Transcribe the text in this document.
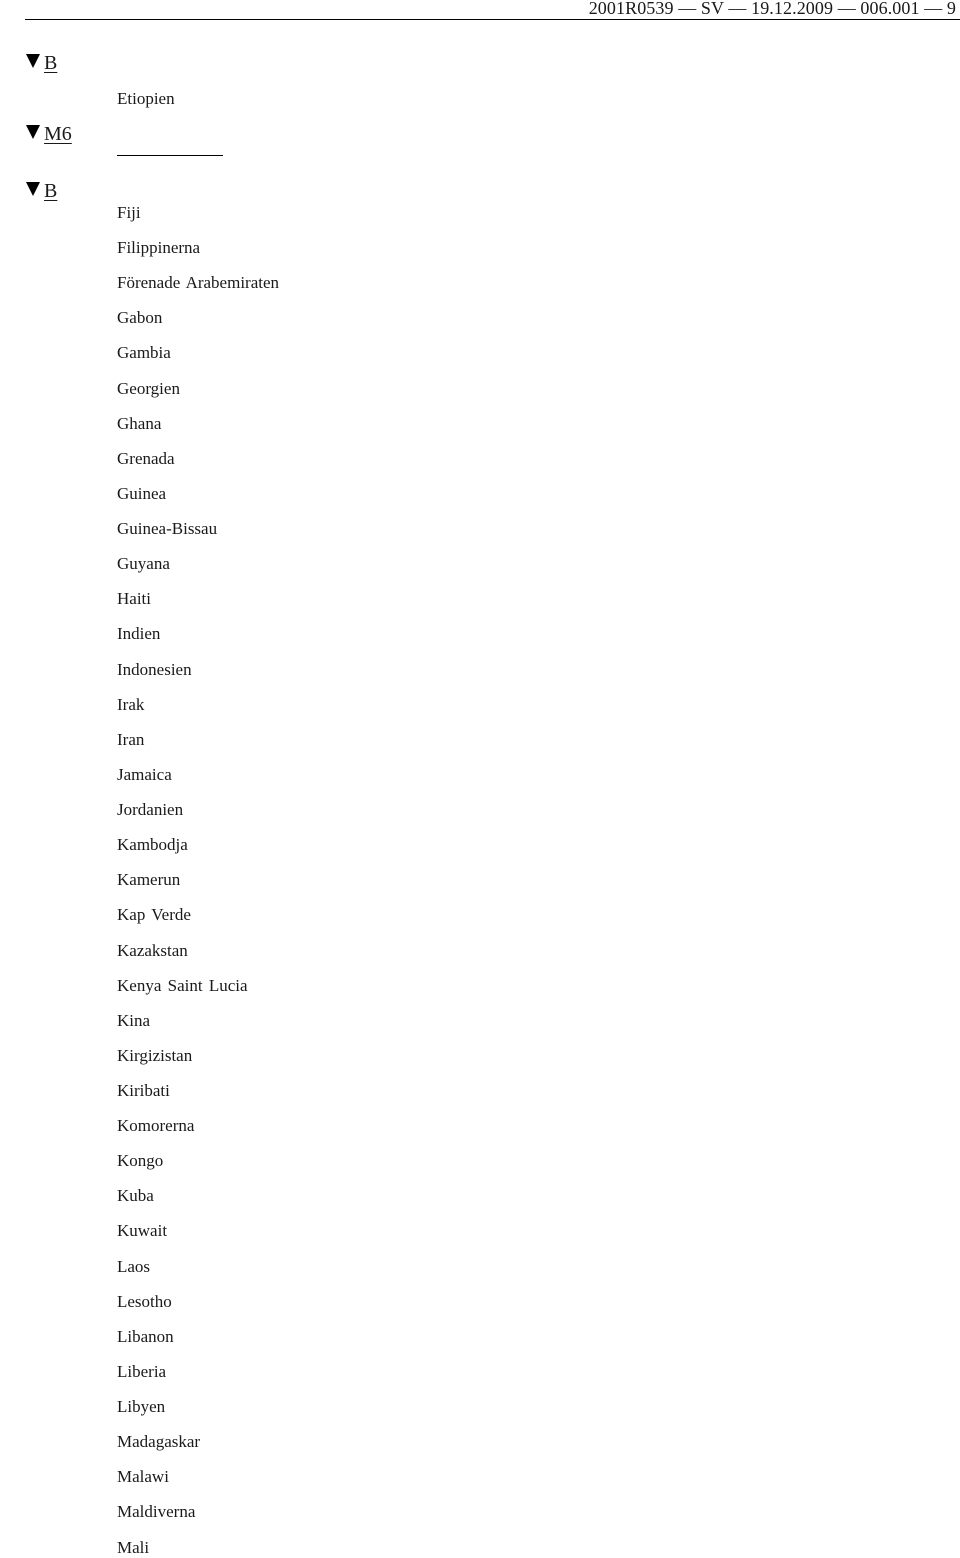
2001R0539 — SV — 19.12.2009 — 006.001 — 9
B
M6
B
Etiopien
Fiji
Filippinerna
Förenade Arabemiraten
Gabon
Gambia
Georgien
Ghana
Grenada
Guinea
Guinea-Bissau
Guyana
Haiti
Indien
Indonesien
Irak
Iran
Jamaica
Jordanien
Kambodja
Kamerun
Kap Verde
Kazakstan
Kenya Saint Lucia
Kina
Kirgizistan
Kiribati
Komorerna
Kongo
Kuba
Kuwait
Laos
Lesotho
Libanon
Liberia
Libyen
Madagaskar
Malawi
Maldiverna
Mali
